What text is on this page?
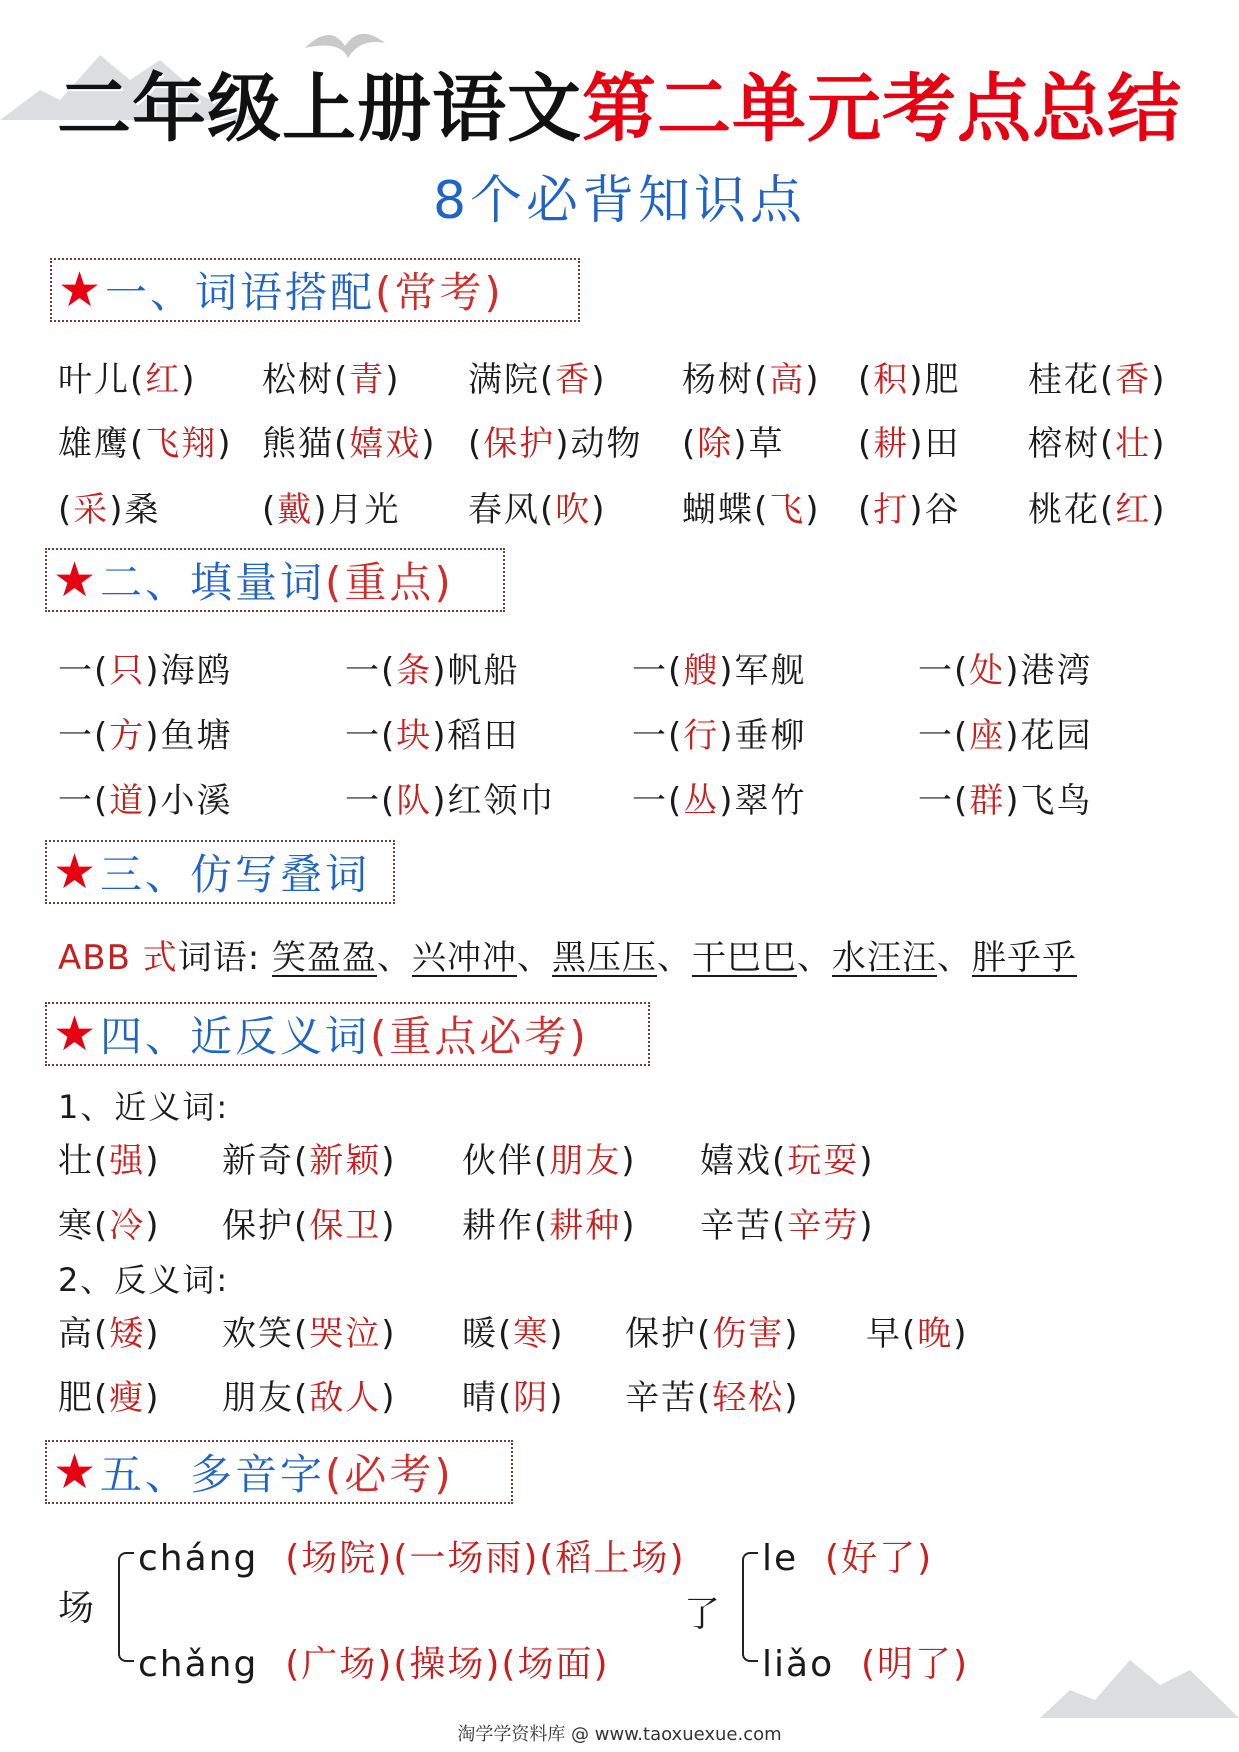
二年级上册语文第二单元考点总结
8个必背知识点
★ 一、词语搭配(常考)
叶儿(红) 松树(青) 满院(香) 杨树(高) (积)肥 桂花(香)
雄鹰(飞翔) 熊猫(嬉戏) (保护)动物 (除)草 (耕)田 榕树(壮)
(采)桑	(戴)月光 春风(吹) 蝴蝶(飞) (打)谷 桃花(红)
★ 二、填量词(重点)
一(只)海鸥	一(条)帆船	一(艘)军舰	一(处)港湾
一(方)鱼塘	一(块)稻田	一(行)垂柳	一(座)花园
一(道)小溪	一(队)红领巾 一(丛)翠竹	一(群)飞鸟
★ 三、仿写叠词
ABB 式词语: 笑盈盈、兴冲冲、黑压压、干巴巴、水汪汪、胖乎乎
★ 四、近反义词(重点必考)
1、近义词:
壮(强) 新奇(新颖) 伙伴(朋友) 嬉戏(玩耍)
寒(冷) 保护(保卫) 耕作(耕种) 辛苦(辛劳)
2、反义词:
高(矮) 欢笑(哭泣) 暖(寒) 保护(伤害) 早(晚)
肥(瘦) 朋友(敌人) 晴(阴) 辛苦(轻松)
★ 五、多音字(必考)
场
cháng (场院)(一场雨)(稻上场)
chǎng (广场)(操场)(场面)
了
le (好了)
liǎo (明了)
淘学学资料库 @ www.taoxuexue.com
